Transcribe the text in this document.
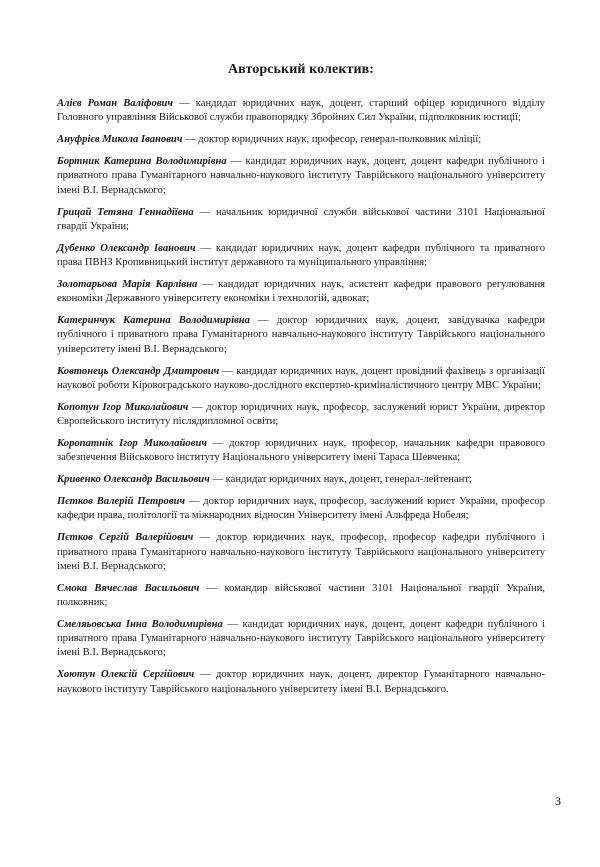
Авторський колектив:

Алієв Роман Валіфович — кандидат юридичних наук, доцент, старший офіцер юридичного відділу Головного управління Військової служби правопорядку Збройних Сил України, підполковник юстиції;

Ануфрієв Микола Іванович — доктор юридичних наук, професор, генерал-полковник міліції;

Бортник Катерина Володимирівна — кандидат юридичних наук, доцент, доцент кафедри публічного і приватного права Гуманітарного навчально-наукового інституту Таврійського національного університету імені В.І. Вернадського;

Грицай Тетяна Геннадіївна — начальник юридичної служби військової частини 3101 Національної гвардії України;

Дубенко Олександр Іванович — кандидат юридичних наук, доцент кафедри публічного та приватного права ПВНЗ Кропивницький інститут державного та муніципального управління;

Золотарьова Марія Карлівна — кандидат юридичних наук, асистент кафедри правового регулювання економіки Державного університету економіки і технологій, адвокат;

Катеринчук Катерина Володимирівна — доктор юридичних наук, доцент, завідувачка кафедри публічного і приватного права Гуманітарного навчально-наукового інституту Таврійського національного університету імені В.І. Вернадського;

Ковтонець Олександр Дмитрович — кандидат юридичних наук, доцент провідний фахівець з організації наукової роботи Кіровоградського науково-дослідного експертно-криміналістичного центру МВС України;

Копотун Ігор Миколайович — доктор юридичних наук, професор, заслужений юрист України, директор Європейського інституту післядипломної освіти;

Коропатнік Ігор Миколайович — доктор юридичних наук, професор, начальник кафедри правового забезпечення Військового інституту Національного університету імені Тараса Шевченка;

Кривенко Олександр Васильович — кандидат юридичних наук, доцент, генерал-лейтенант;

Пєтков Валерій Петрович — доктор юридичних наук, професор, заслужений юрист України, професор кафедри права, політології та міжнародних відносин Університету імені Альфреда Нобеля;

Пєтков Сергій Валерійович — доктор юридичних наук, професор, професор кафедри публічного і приватного права Гуманітарного навчально-наукового інституту Таврійського національного університету імені В.І. Вернадського;

Смока Вячеслав Васильович — командир військової частини 3101 Національної гвардії України, полковник;

Смеляьовська Інна Володимирівна — кандидат юридичних наук, доцент, доцент кафедри публічного і приватного права Гуманітарного навчально-наукового інституту Таврійського національного університету імені В.І. Вернадського;

Хоютун Олексій Сергійович — доктор юридичних наук, доцент, директор Гуманітарного навчально-наукового інституту Таврійського національного університету імені В.І. Вернадського.

3
